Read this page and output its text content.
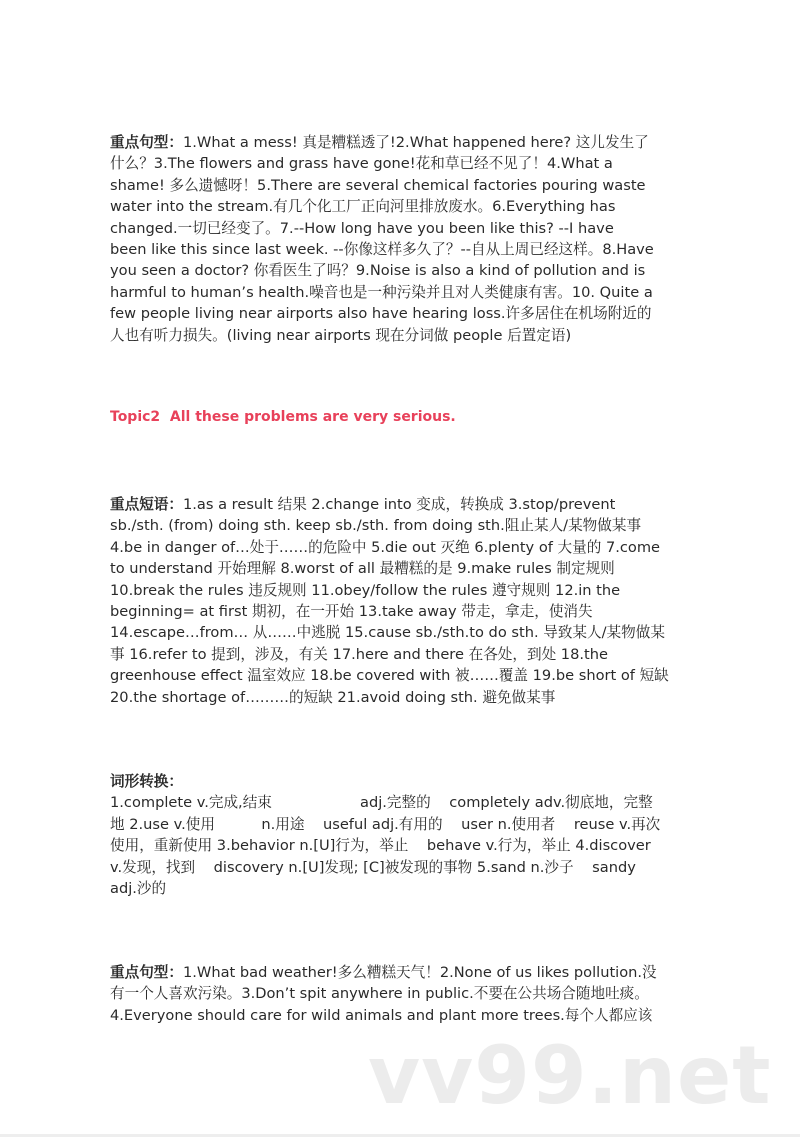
vv99.net
重点句型：1.What a mess! 真是糟糕透了!2.What happened here? 这儿发生了
什么？3.The flowers and grass have gone!花和草已经不见了！4.What a
shame! 多么遗憾呀！5.There are several chemical factories pouring waste
water into the stream.有几个化工厂正向河里排放废水。6.Everything has
changed.一切已经变了。7.--How long have you been like this? --I have
been like this since last week. --你像这样多久了？--自从上周已经这样。8.Have
you seen a doctor? 你看医生了吗？9.Noise is also a kind of pollution and is
harmful to human’s health.噪音也是一种污染并且对人类健康有害。10. Quite a
few people living near airports also have hearing loss.许多居住在机场附近的
人也有听力损失。(living near airports 现在分词做 people 后置定语)
Topic2  All these problems are very serious.
重点短语：1.as a result 结果 2.change into 变成，转换成 3.stop/prevent
sb./sth. (from) doing sth. keep sb./sth. from doing sth.阻止某人/某物做某事
4.be in danger of…处于……的危险中 5.die out 灭绝 6.plenty of 大量的 7.come
to understand 开始理解 8.worst of all 最糟糕的是 9.make rules 制定规则
10.break the rules 违反规则 11.obey/follow the rules 遵守规则 12.in the
beginning= at first 期初，在一开始 13.take away 带走，拿走，使消失
14.escape…from… 从……中逃脱 15.cause sb./sth.to do sth. 导致某人/某物做某
事 16.refer to 提到，涉及，有关 17.here and there 在各处，到处 18.the
greenhouse effect 温室效应 18.be covered with 被……覆盖 19.be short of 短缺
20.the shortage of………的短缺 21.avoid doing sth. 避免做某事
词形转换：
1.complete v.完成,结束                   adj.完整的    completely adv.彻底地，完整
地 2.use v.使用          n.用途    useful adj.有用的    user n.使用者    reuse v.再次
使用，重新使用 3.behavior n.[U]行为，举止    behave v.行为，举止 4.discover
v.发现，找到    discovery n.[U]发现; [C]被发现的事物 5.sand n.沙子    sandy
adj.沙的
重点句型：1.What bad weather!多么糟糕天气！2.None of us likes pollution.没
有一个人喜欢污染。3.Don’t spit anywhere in public.不要在公共场合随地吐痰。
4.Everyone should care for wild animals and plant more trees.每个人都应该
